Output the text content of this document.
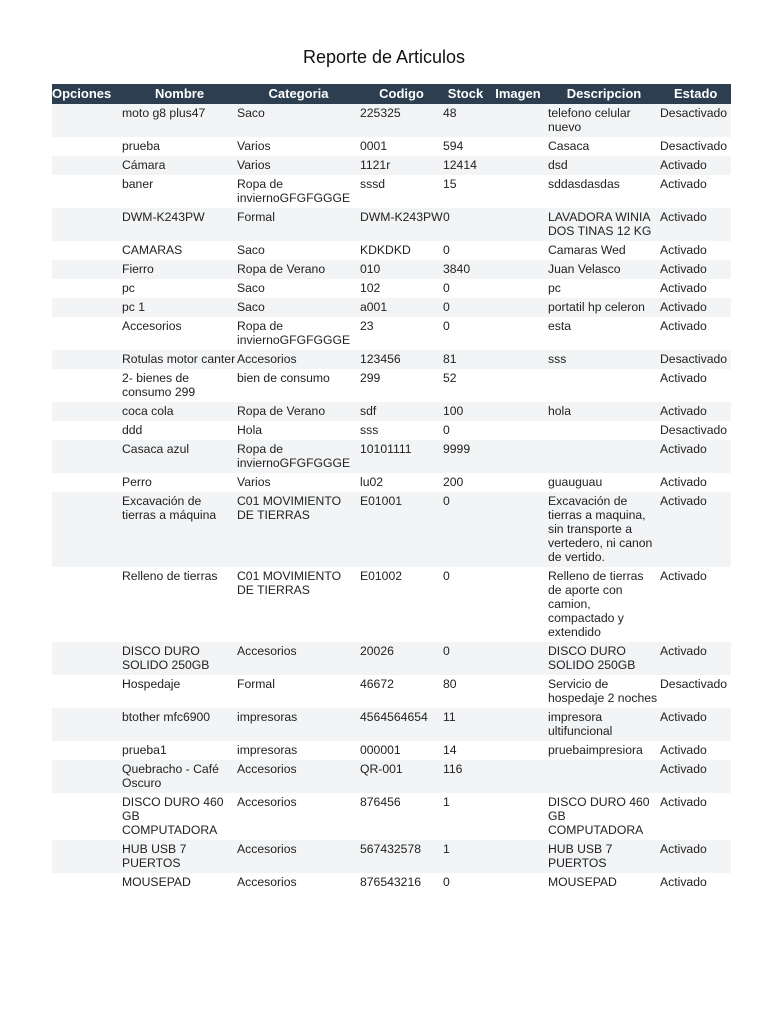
Reporte de Articulos
Opciones	Nombre	Categoria	Codigo	Stock	Imagen	Descripcion	Estado
	moto g8 plus47	Saco	225325	48		telefono celular nuevo	Desactivado
	prueba	Varios	0001	594		Casaca	Desactivado
	Cámara	Varios	1121r	12414		dsd	Activado
	baner	Ropa de inviernoGFGFGGGE	sssd	15		sddasdasdas	Activado
	DWM-K243PW	Formal	DWM-K243PW	0		LAVADORA WINIA DOS TINAS 12 KG	Activado
	CAMARAS	Saco	KDKDKD	0		Camaras Wed	Activado
	Fierro	Ropa de Verano	010	3840		Juan Velasco	Activado
	pc	Saco	102	0		pc	Activado
	pc 1	Saco	a001	0		portatil hp celeron	Activado
	Accesorios	Ropa de inviernoGFGFGGGE	23	0		esta	Activado
	Rotulas motor canter	Accesorios	123456	81		sss	Desactivado
	2- bienes de consumo 299	bien de consumo	299	52			Activado
	coca cola	Ropa de Verano	sdf	100		hola	Activado
	ddd	Hola	sss	0			Desactivado
	Casaca azul	Ropa de inviernoGFGFGGGE	10101111	9999			Activado
	Perro	Varios	lu02	200		guauguau	Activado
	Excavación de tierras a máquina	C01 MOVIMIENTO DE TIERRAS	E01001	0		Excavación de tierras a maquina, sin transporte a vertedero, ni canon de vertido.	Activado
	Relleno de tierras	C01 MOVIMIENTO DE TIERRAS	E01002	0		Relleno de tierras de aporte con camion, compactado y extendido	Activado
	DISCO DURO SOLIDO 250GB	Accesorios	20026	0		DISCO DURO SOLIDO 250GB	Activado
	Hospedaje	Formal	46672	80		Servicio de hospedaje 2 noches	Desactivado
	btother mfc6900	impresoras	4564564654	11		impresora ultifuncional	Activado
	prueba1	impresoras	000001	14		pruebaimpresiora	Activado
	Quebracho - Café Oscuro	Accesorios	QR-001	116			Activado
	DISCO DURO 460 GB COMPUTADORA	Accesorios	876456	1		DISCO DURO 460 GB COMPUTADORA	Activado
	HUB USB 7 PUERTOS	Accesorios	567432578	1		HUB USB 7 PUERTOS	Activado
	MOUSEPAD	Accesorios	876543216	0		MOUSEPAD	Activado
